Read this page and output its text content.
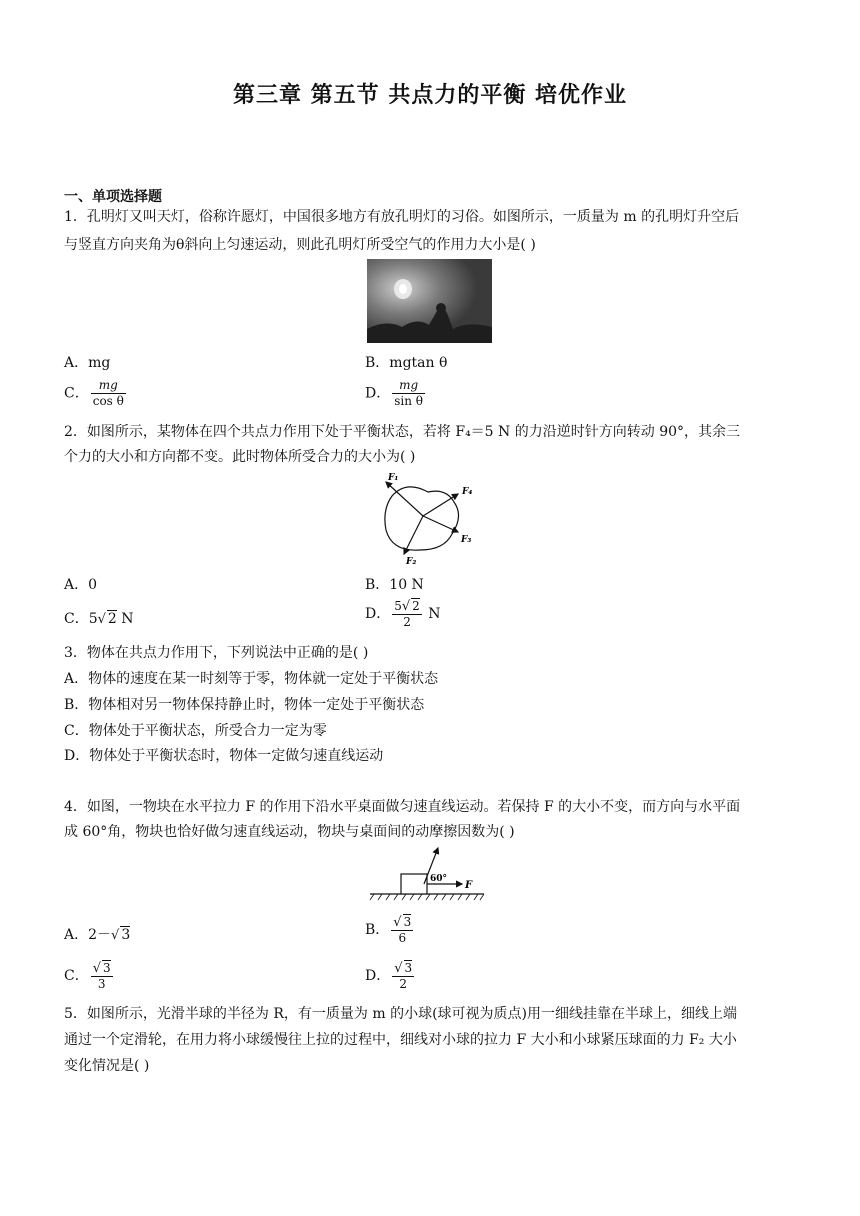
第三章 第五节 共点力的平衡 培优作业
一、单项选择题
1．孔明灯又叫天灯，俗称许愿灯，中国很多地方有放孔明灯的习俗。如图所示，一质量为 m 的孔明灯升空后
与竖直方向夹角为θ斜向上匀速运动，则此孔明灯所受空气的作用力大小是( )
A．mg	B．mgtan θ
C． $\frac{mg}{\text{cos θ}}$	D． $\frac{mg}{\text{sin θ}}$
2．如图所示，某物体在四个共点力作用下处于平衡状态，若将 F₄＝5 N 的力沿逆时针方向转动 90°，其余三
个力的大小和方向都不变。此时物体所受合力的大小为( )
F₁
F₄
F₃
F₂
A．0	B．10 N
C．5√ 2 N	D． $\frac{5√ 2}{2}$ N
3．物体在共点力作用下，下列说法中正确的是( )
A．物体的速度在某一时刻等于零，物体就一定处于平衡状态
B．物体相对另一物体保持静止时，物体一定处于平衡状态
C．物体处于平衡状态，所受合力一定为零
D．物体处于平衡状态时，物体一定做匀速直线运动
4．如图，一物块在水平拉力 F 的作用下沿水平桌面做匀速直线运动。若保持 F 的大小不变，而方向与水平面
成 60°角，物块也恰好做匀速直线运动，物块与桌面间的动摩擦因数为( )
60°
F
A．2－√ 3	B． $\frac{√ 3}{6}$
C． $\frac{√ 3}{3}$	D． $\frac{√ 3}{2}$
5．如图所示，光滑半球的半径为 R，有一质量为 m 的小球(球可视为质点)用一细线挂靠在半球上，细线上端
通过一个定滑轮，在用力将小球缓慢往上拉的过程中，细线对小球的拉力 F 大小和小球紧压球面的力 F₂ 大小
变化情况是( )
